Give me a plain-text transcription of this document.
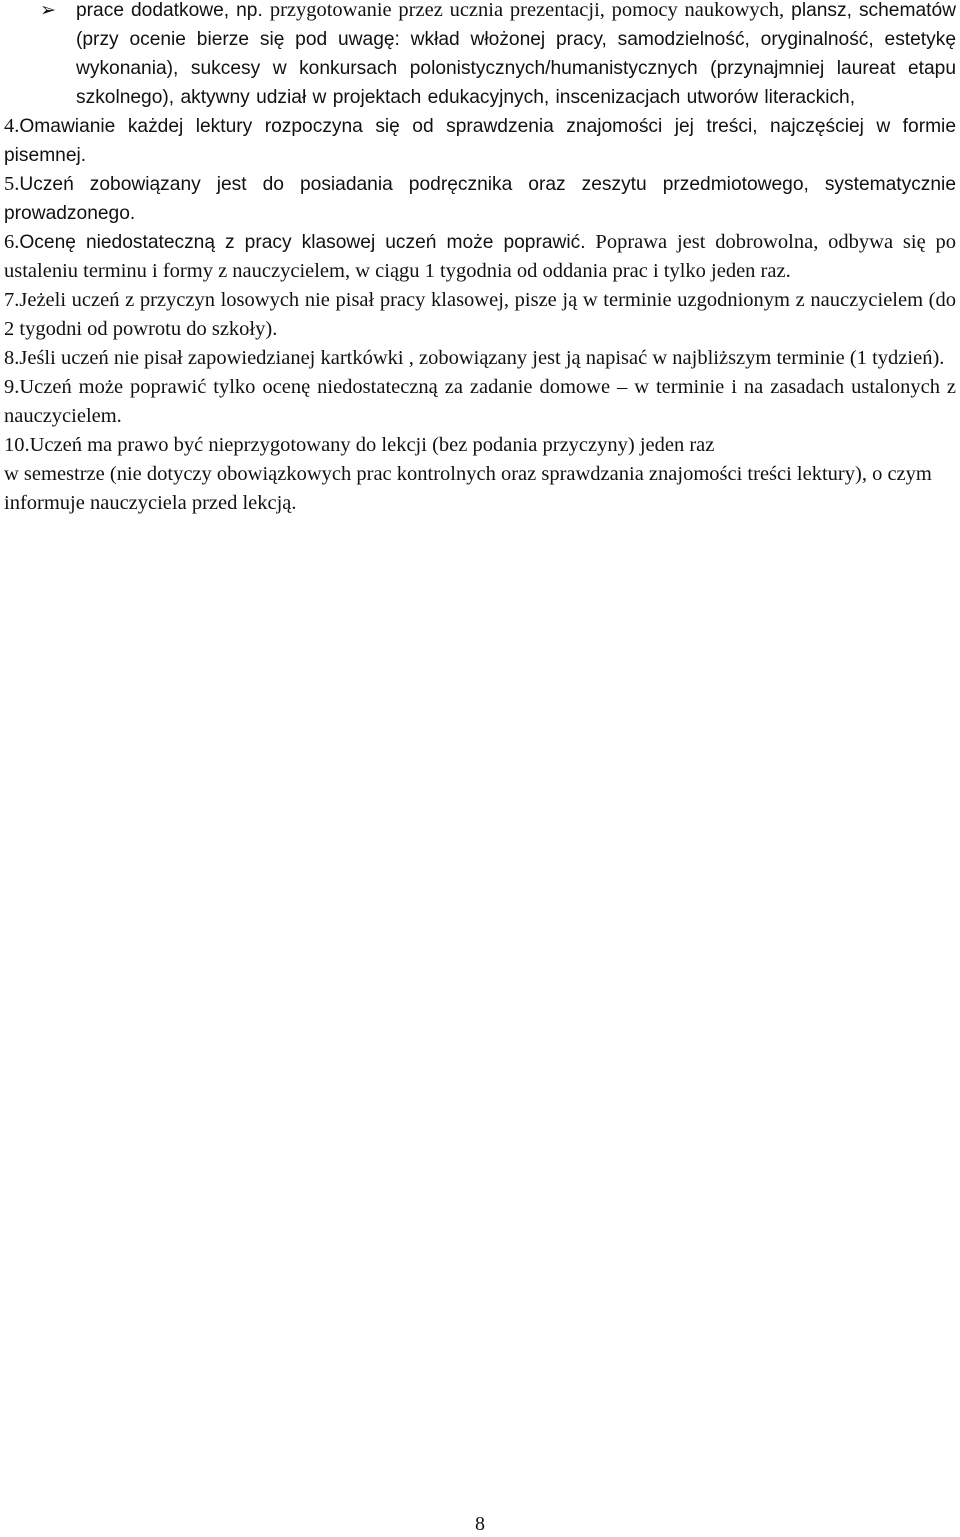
➢ prace dodatkowe, np. przygotowanie przez ucznia prezentacji, pomocy naukowych, plansz, schematów (przy ocenie bierze się pod uwagę: wkład włożonej pracy, samodzielność, oryginalność, estetykę wykonania), sukcesy w konkursach polonistycznych/humanistycznych (przynajmniej laureat etapu szkolnego), aktywny udział w projektach edukacyjnych, inscenizacjach utworów literackich,

4.Omawianie każdej lektury rozpoczyna się od sprawdzenia znajomości jej treści, najczęściej w formie pisemnej.

5.Uczeń zobowiązany jest do posiadania podręcznika oraz zeszytu przedmiotowego, systematycznie prowadzonego.

6.Ocenę niedostateczną z pracy klasowej uczeń może poprawić. Poprawa jest dobrowolna, odbywa się po ustaleniu terminu i formy z nauczycielem, w ciągu 1 tygodnia od oddania prac i tylko jeden raz.

7.Jeżeli uczeń z przyczyn losowych nie pisał pracy klasowej, pisze ją w terminie uzgodnionym z nauczycielem (do 2 tygodni od powrotu do szkoły).

8.Jeśli uczeń nie pisał zapowiedzianej kartkówki , zobowiązany jest ją napisać w najbliższym terminie (1 tydzień).

9.Uczeń może poprawić tylko ocenę niedostateczną za zadanie domowe – w terminie i na zasadach ustalonych z nauczycielem.

10.Uczeń ma prawo być nieprzygotowany do lekcji (bez podania przyczyny) jeden raz
w semestrze (nie dotyczy obowiązkowych prac kontrolnych oraz sprawdzania znajomości treści lektury), o czym informuje nauczyciela przed lekcją.

8
